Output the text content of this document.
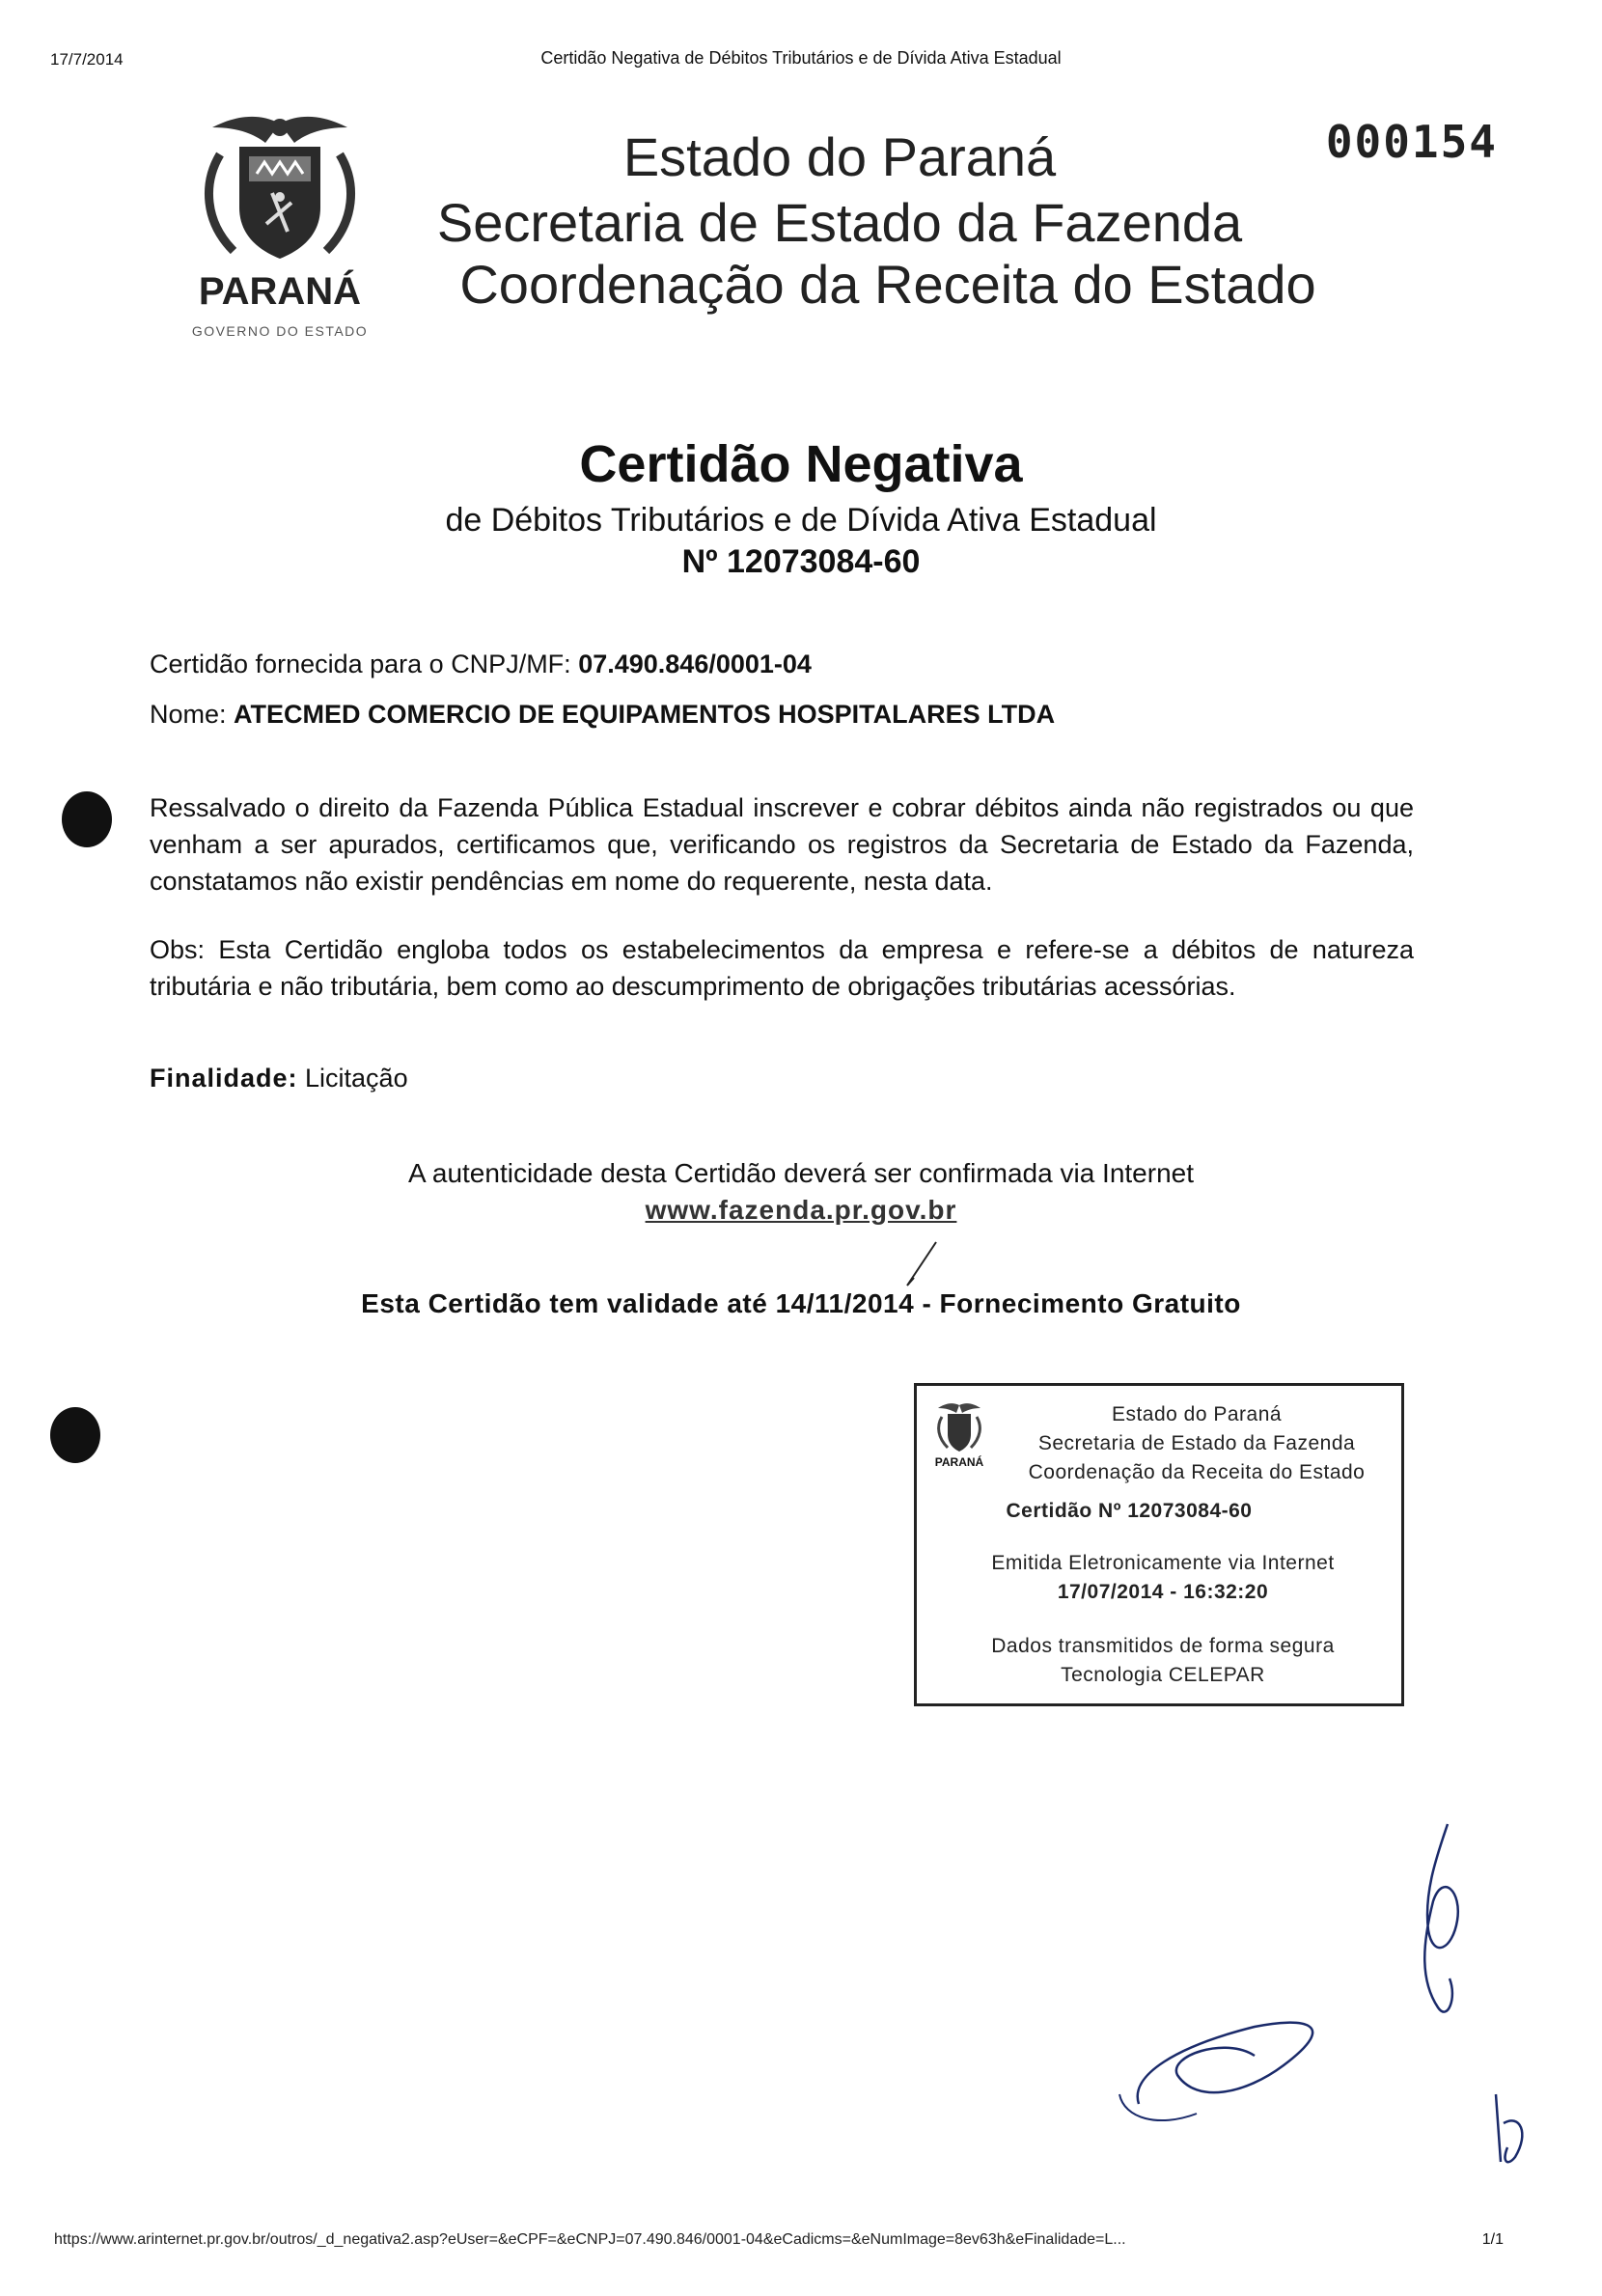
17/7/2014	Certidão Negativa de Débitos Tributários e de Dívida Ativa Estadual
000154
PARANÁ
GOVERNO DO ESTADO
Estado do Paraná
Secretaria de Estado da Fazenda
Coordenação da Receita do Estado
Certidão Negativa
de Débitos Tributários e de Dívida Ativa Estadual
Nº 12073084-60
Certidão fornecida para o CNPJ/MF: 07.490.846/0001-04
Nome: ATECMED COMERCIO DE EQUIPAMENTOS HOSPITALARES LTDA
Ressalvado o direito da Fazenda Pública Estadual inscrever e cobrar débitos ainda não registrados ou que venham a ser apurados, certificamos que, verificando os registros da Secretaria de Estado da Fazenda, constatamos não existir pendências em nome do requerente, nesta data.
Obs: Esta Certidão engloba todos os estabelecimentos da empresa e refere-se a débitos de natureza tributária e não tributária, bem como ao descumprimento de obrigações tributárias acessórias.
Finalidade: Licitação
A autenticidade desta Certidão deverá ser confirmada via Internet
www.fazenda.pr.gov.br
Esta Certidão tem validade até 14/11/2014 - Fornecimento Gratuito
PARANÁ
Estado do Paraná
Secretaria de Estado da Fazenda
Coordenação da Receita do Estado
Certidão Nº 12073084-60
Emitida Eletronicamente via Internet
17/07/2014 - 16:32:20
Dados transmitidos de forma segura
Tecnologia CELEPAR
https://www.arinternet.pr.gov.br/outros/_d_negativa2.asp?eUser=&eCPF=&eCNPJ=07.490.846/0001-04&eCadicms=&eNumImage=8ev63h&eFinalidade=L...	1/1
